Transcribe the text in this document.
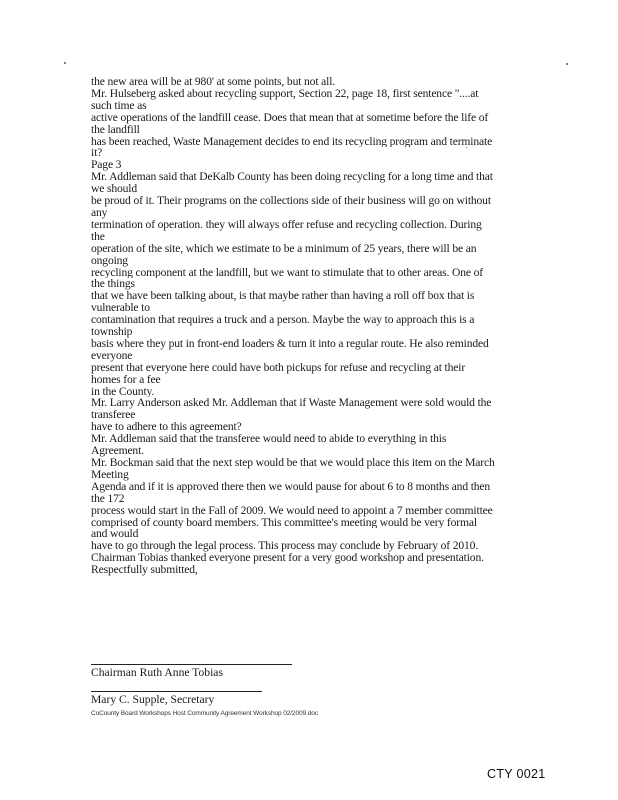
the new area will be at 980' at some points, but not all.
Mr. Hulseberg asked about recycling support, Section 22, page 18, first sentence "....at
such time as
active operations of the landfill cease. Does that mean that at sometime before the life of
the landfill
has been reached, Waste Management decides to end its recycling program and terminate
it?
Page 3
Mr. Addleman said that DeKalb County has been doing recycling for a long time and that
we should
be proud of it. Their programs on the collections side of their business will go on without
any
termination of operation. they will always offer refuse and recycling collection. During
the
operation of the site, which we estimate to be a minimum of 25 years, there will be an
ongoing
recycling component at the landfill, but we want to stimulate that to other areas. One of
the things
that we have been talking about, is that maybe rather than having a roll off box that is
vulnerable to
contamination that requires a truck and a person. Maybe the way to approach this is a
township
basis where they put in front-end loaders & turn it into a regular route. He also reminded
everyone
present that everyone here could have both pickups for refuse and recycling at their
homes for a fee
in the County.
Mr. Larry Anderson asked Mr. Addleman that if Waste Management were sold would the
transferee
have to adhere to this agreement?
Mr. Addleman said that the transferee would need to abide to everything in this
Agreement.
Mr. Bockman said that the next step would be that we would place this item on the March
Meeting
Agenda and if it is approved there then we would pause for about 6 to 8 months and then
the 172
process would start in the Fall of 2009. We would need to appoint a 7 member committee
comprised of county board members. This committee's meeting would be very formal
and would
have to go through the legal process. This process may conclude by February of 2010.
Chairman Tobias thanked everyone present for a very good workshop and presentation.
Respectfully submitted,
Chairman Ruth Anne Tobias
Mary C. Supple, Secretary
CoCounty Board Workshops Host Community Agreement Workshop 02/2009.doc
CTY 0021
